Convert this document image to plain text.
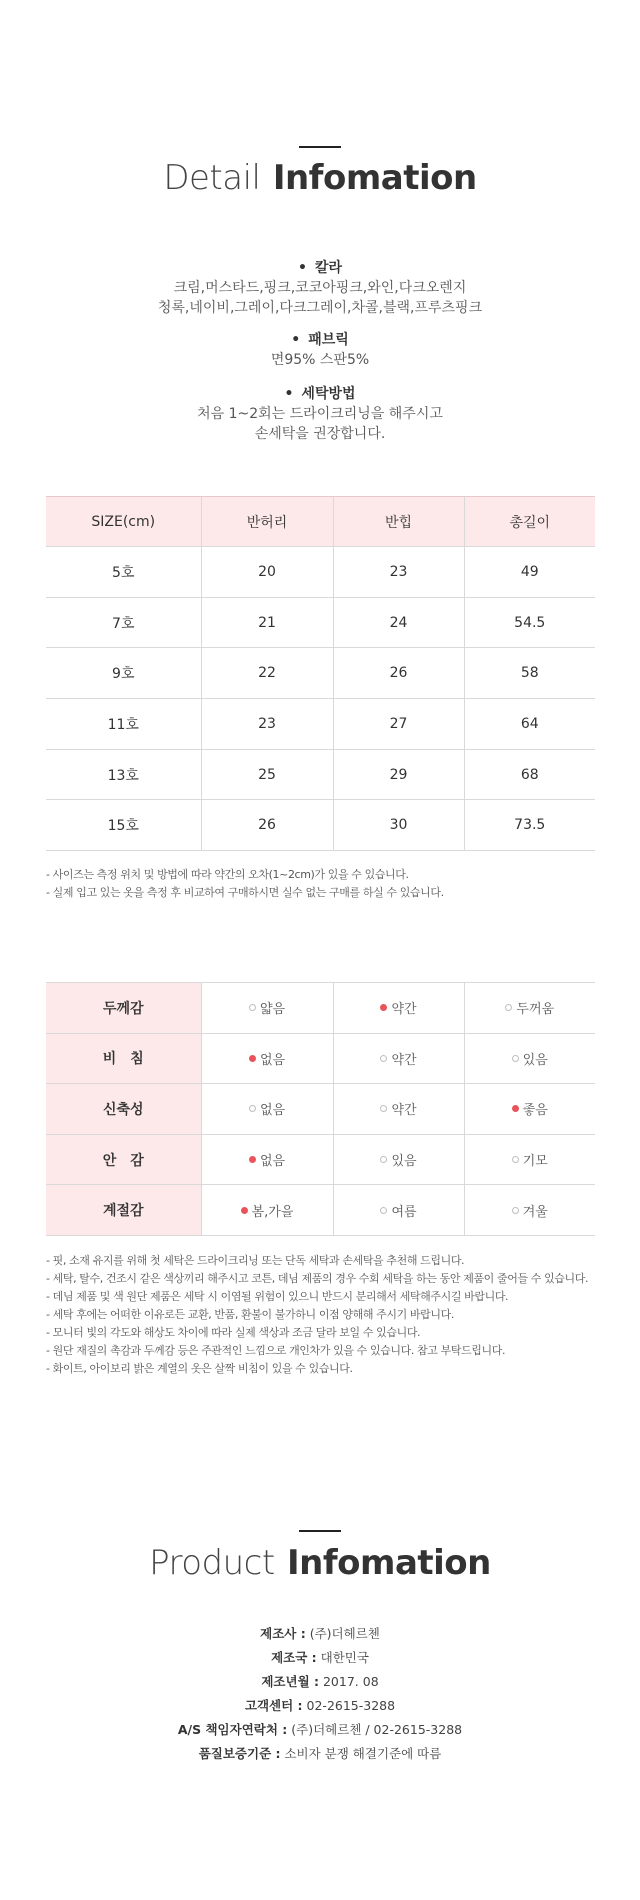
Detail Infomation
• 칼라
크림,머스타드,핑크,코코아핑크,와인,다크오렌지
청록,네이비,그레이,다크그레이,차콜,블랙,프루츠핑크
• 패브릭
면95% 스판5%
• 세탁방법
처음 1~2회는 드라이크리닝을 해주시고
손세탁을 권장합니다.
SIZE(cm)	반허리	반힙	총길이
5호	20	23	49
7호	21	24	54.5
9호	22	26	58
11호	23	27	64
13호	25	29	68
15호	26	30	73.5
- 사이즈는 측정 위치 및 방법에 따라 약간의 오차(1~2cm)가 있을 수 있습니다.
- 실제 입고 있는 옷을 측정 후 비교하여 구매하시면 실수 없는 구매를 하실 수 있습니다.
두께감	얇음	약간	두꺼움

비　침	없음	약간	있음

신축성	없음	약간	좋음

안　감	없음	있음	기모

계절감	봄,가을	여름	겨울
- 핏, 소재 유지를 위해 첫 세탁은 드라이크리닝 또는 단독 세탁과 손세탁을 추천해 드립니다.
- 세탁, 탈수, 건조시 같은 색상끼리 해주시고 코튼, 데님 제품의 경우 수회 세탁을 하는 동안 제품이 줄어들 수 있습니다.
- 데님 제품 및 색 원단 제품은 세탁 시 이염될 위험이 있으니 반드시 분리해서 세탁해주시길 바랍니다.
- 세탁 후에는 어떠한 이유로든 교환, 반품, 환불이 불가하니 이점 양해해 주시기 바랍니다.
- 모니터 빛의 각도와 해상도 차이에 따라 실제 색상과 조금 달라 보일 수 있습니다.
- 원단 재질의 촉감과 두께감 등은 주관적인 느낌으로 개인차가 있을 수 있습니다. 참고 부탁드립니다.
- 화이트, 아이보리 밝은 계열의 옷은 살짝 비침이 있을 수 있습니다.
Product Infomation
제조사 : (주)더헤르첸
제조국 : 대한민국
제조년월 : 2017. 08
고객센터 : 02-2615-3288
A/S 책임자연락처 : (주)더헤르첸 / 02-2615-3288
품질보증기준 : 소비자 분쟁 해결기준에 따름
